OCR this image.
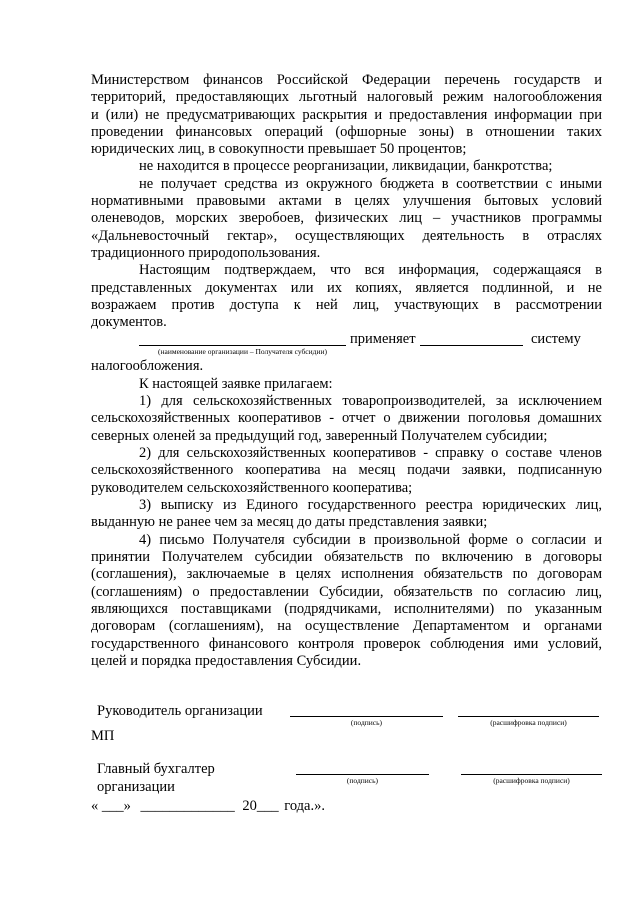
Министерством финансов Российской Федерации перечень государств и
территорий, предоставляющих льготный налоговый режим налогообложения
и (или) не предусматривающих раскрытия и предоставления информации при
проведении финансовых операций (офшорные зоны) в отношении таких
юридических лиц, в совокупности превышает 50 процентов;
не находится в процессе реорганизации, ликвидации, банкротства;
не получает средства из окружного бюджета в соответствии с иными
нормативными правовыми актами в целях улучшения бытовых условий
оленеводов, морских зверобоев, физических лиц – участников программы
«Дальневосточный гектар», осуществляющих деятельность в отраслях
традиционного природопользования.
Настоящим подтверждаем, что вся информация, содержащаяся в
представленных документах или их копиях, является подлинной, и не
возражаем против доступа к ней лиц, участвующих в рассмотрении
документов.
налогообложения.
К настоящей заявке прилагаем:
1) для сельскохозяйственных товаропроизводителей, за исключением
сельскохозяйственных кооперативов - отчет о движении поголовья домашних
северных оленей за предыдущий год, заверенный Получателем субсидии;
2) для сельскохозяйственных кооперативов - справку о составе членов
сельскохозяйственного кооператива на месяц подачи заявки, подписанную
руководителем сельскохозяйственного кооператива;
3) выписку из Единого государственного реестра юридических лиц,
выданную не ранее чем за месяц до даты представления заявки;
4) письмо Получателя субсидии в произвольной форме о согласии и
принятии Получателем субсидии обязательств по включению в договоры
(соглашения), заключаемые в целях исполнения обязательств по договорам
(соглашениям) о предоставлении Субсидии, обязательств по согласию лиц,
являющихся поставщиками (подрядчиками, исполнителями) по указанным
договорам (соглашениям), на осуществление Департаментом и органами
государственного финансового контроля проверок соблюдения ими условий,
целей и порядка предоставления Субсидии.
применяет	систему
(наименование организации – Получателя субсидии)
Руководитель организации
(подпись)	(расшифровка подписи)
МП
Главный бухгалтер
организации	(подпись)	(расшифровка подписи)
« ___» _____________ 20___ года.».
